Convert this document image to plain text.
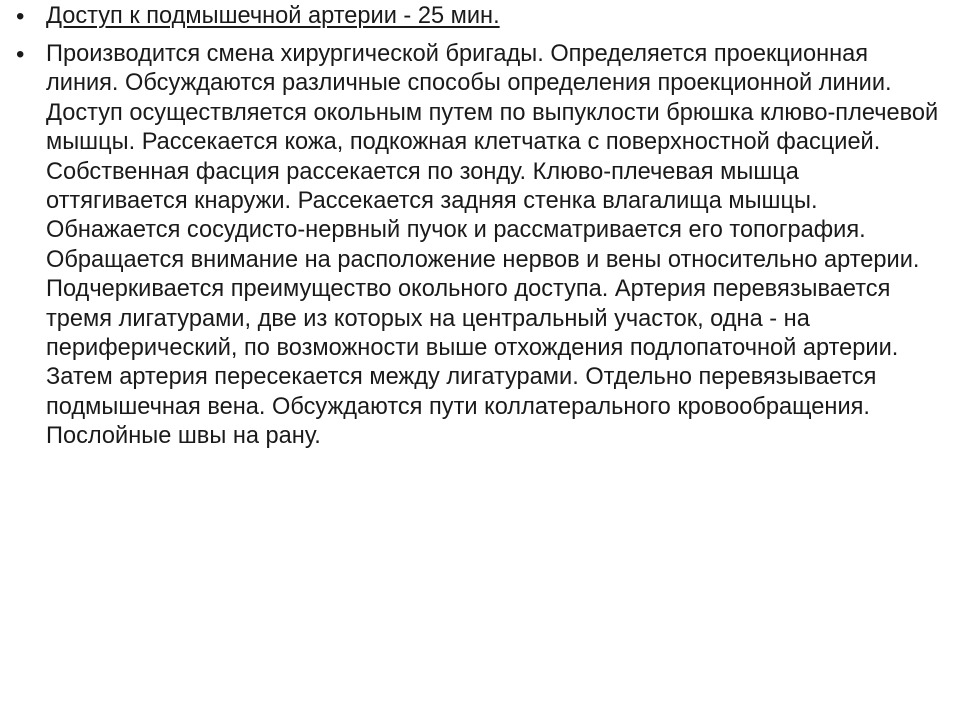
• Доступ к подмышечной артерии - 25 мин.
• Производится смена хирургической бригады. Определяется проекционная линия. Обсуждаются различные способы определения проекционной линии. Доступ осуществляется окольным путем по выпуклости брюшка клюво-плечевой мышцы. Рассекается кожа, подкожная клетчатка с поверхностной фасцией. Собственная фасция рассекается по зонду. Клюво-плечевая мышца оттягивается кнаружи. Рассекается задняя стенка влагалища мышцы. Обнажается сосудисто-нервный пучок и рассматривается его топография. Обращается внимание на расположение нервов и вены относительно артерии. Подчеркивается преимущество окольного доступа. Артерия перевязывается тремя лигатурами, две из которых на центральный участок, одна - на периферический, по возможности выше отхождения подлопаточной артерии. Затем артерия пересекается между лигатурами. Отдельно перевязывается подмышечная вена. Обсуждаются пути коллатерального кровообращения. Послойные швы на рану.
